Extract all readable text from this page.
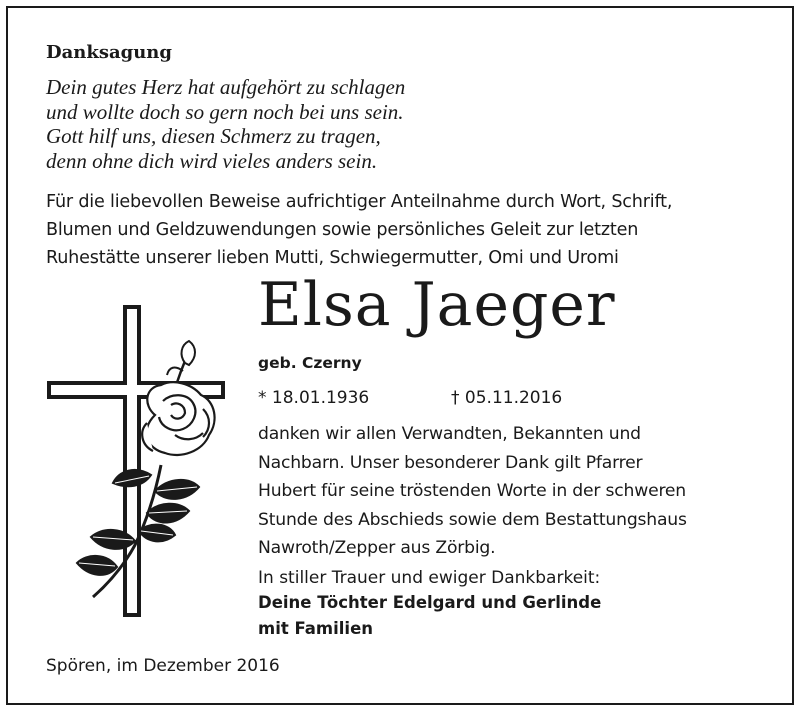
Danksagung
Dein gutes Herz hat aufgehört zu schlagen
und wollte doch so gern noch bei uns sein.
Gott hilf uns, diesen Schmerz zu tragen,
denn ohne dich wird vieles anders sein.
Für die liebevollen Beweise aufrichtiger Anteilnahme durch Wort, Schrift,
Blumen und Geldzuwendungen sowie persönliches Geleit zur letzten
Ruhestätte unserer lieben Mutti, Schwiegermutter, Omi und Uromi
Elsa Jaeger
geb. Czerny
* 18.01.1936	† 05.11.2016
danken wir allen Verwandten, Bekannten und
Nachbarn. Unser besonderer Dank gilt Pfarrer
Hubert für seine tröstenden Worte in der schweren
Stunde des Abschieds sowie dem Bestattungshaus
Nawroth/Zepper aus Zörbig.
In stiller Trauer und ewiger Dankbarkeit:
Deine Töchter Edelgard und Gerlinde
mit Familien
Spören, im Dezember 2016
